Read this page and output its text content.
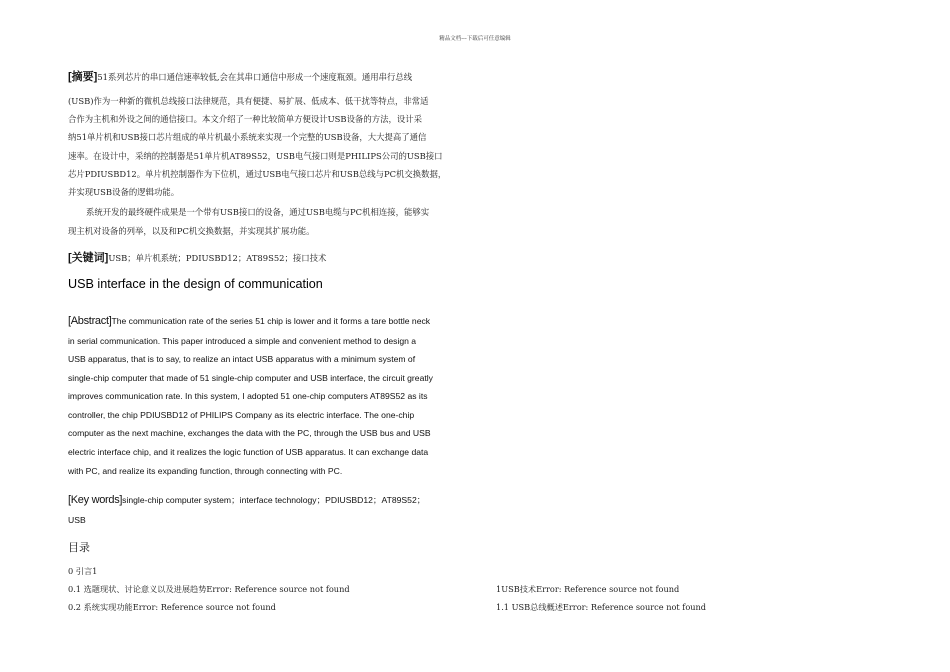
精品文档---下载后可任意编辑
[摘要]51系列芯片的串口通信速率较低,会在其串口通信中形成一个速度瓶颈。通用串行总线
(USB)作为一种新的微机总线接口法律规范，具有便捷、易扩展、低成本、低干扰等特点，非常适
合作为主机和外设之间的通信接口。本文介绍了一种比较简单方便设计USB设备的方法，设计采
纳51单片机和USB接口芯片组成的单片机最小系统来实现一个完整的USB设备，大大提高了通信
速率。在设计中，采纳的控制器是51单片机AT89S52，USB电气接口则是PHILIPS公司的USB接口
芯片PDIUSBD12。单片机控制器作为下位机，通过USB电气接口芯片和USB总线与PC机交换数据，
并实现USB设备的逻辑功能。
系统开发的最终硬件成果是一个带有USB接口的设备，通过USB电缆与PC机相连接，能够实
现主机对设备的列举，以及和PC机交换数据，并实现其扩展功能。
[关键词]USB；单片机系统；PDIUSBD12；AT89S52；接口技术
USB interface in the design of communication
[Abstract]The communication rate of the series 51 chip is lower and it forms a tare bottle neck
in serial communication. This paper introduced a simple and convenient method to design a
USB apparatus, that is to say, to realize an intact USB apparatus with a minimum system of
single-chip computer that made of 51 single-chip computer and USB interface, the circuit greatly
improves communication rate. In this system, I adopted 51 one-chip computers AT89S52 as its
controller, the chip PDIUSBD12 of PHILIPS Company as its electric interface. The one-chip
computer as the next machine, exchanges the data with the PC, through the USB bus and USB
electric interface chip, and it realizes the logic function of USB apparatus. It can exchange data
with PC, and realize its expanding function, through connecting with PC.
[Key words]single-chip computer system；interface technology；PDIUSBD12；AT89S52；
USB
目录
0 引言1
0.1 选题现状、讨论意义以及进展趋势Error: Reference source not found
0.2 系统实现功能Error: Reference source not found
1USB技术Error: Reference source not found
1.1 USB总线概述Error: Reference source not found
